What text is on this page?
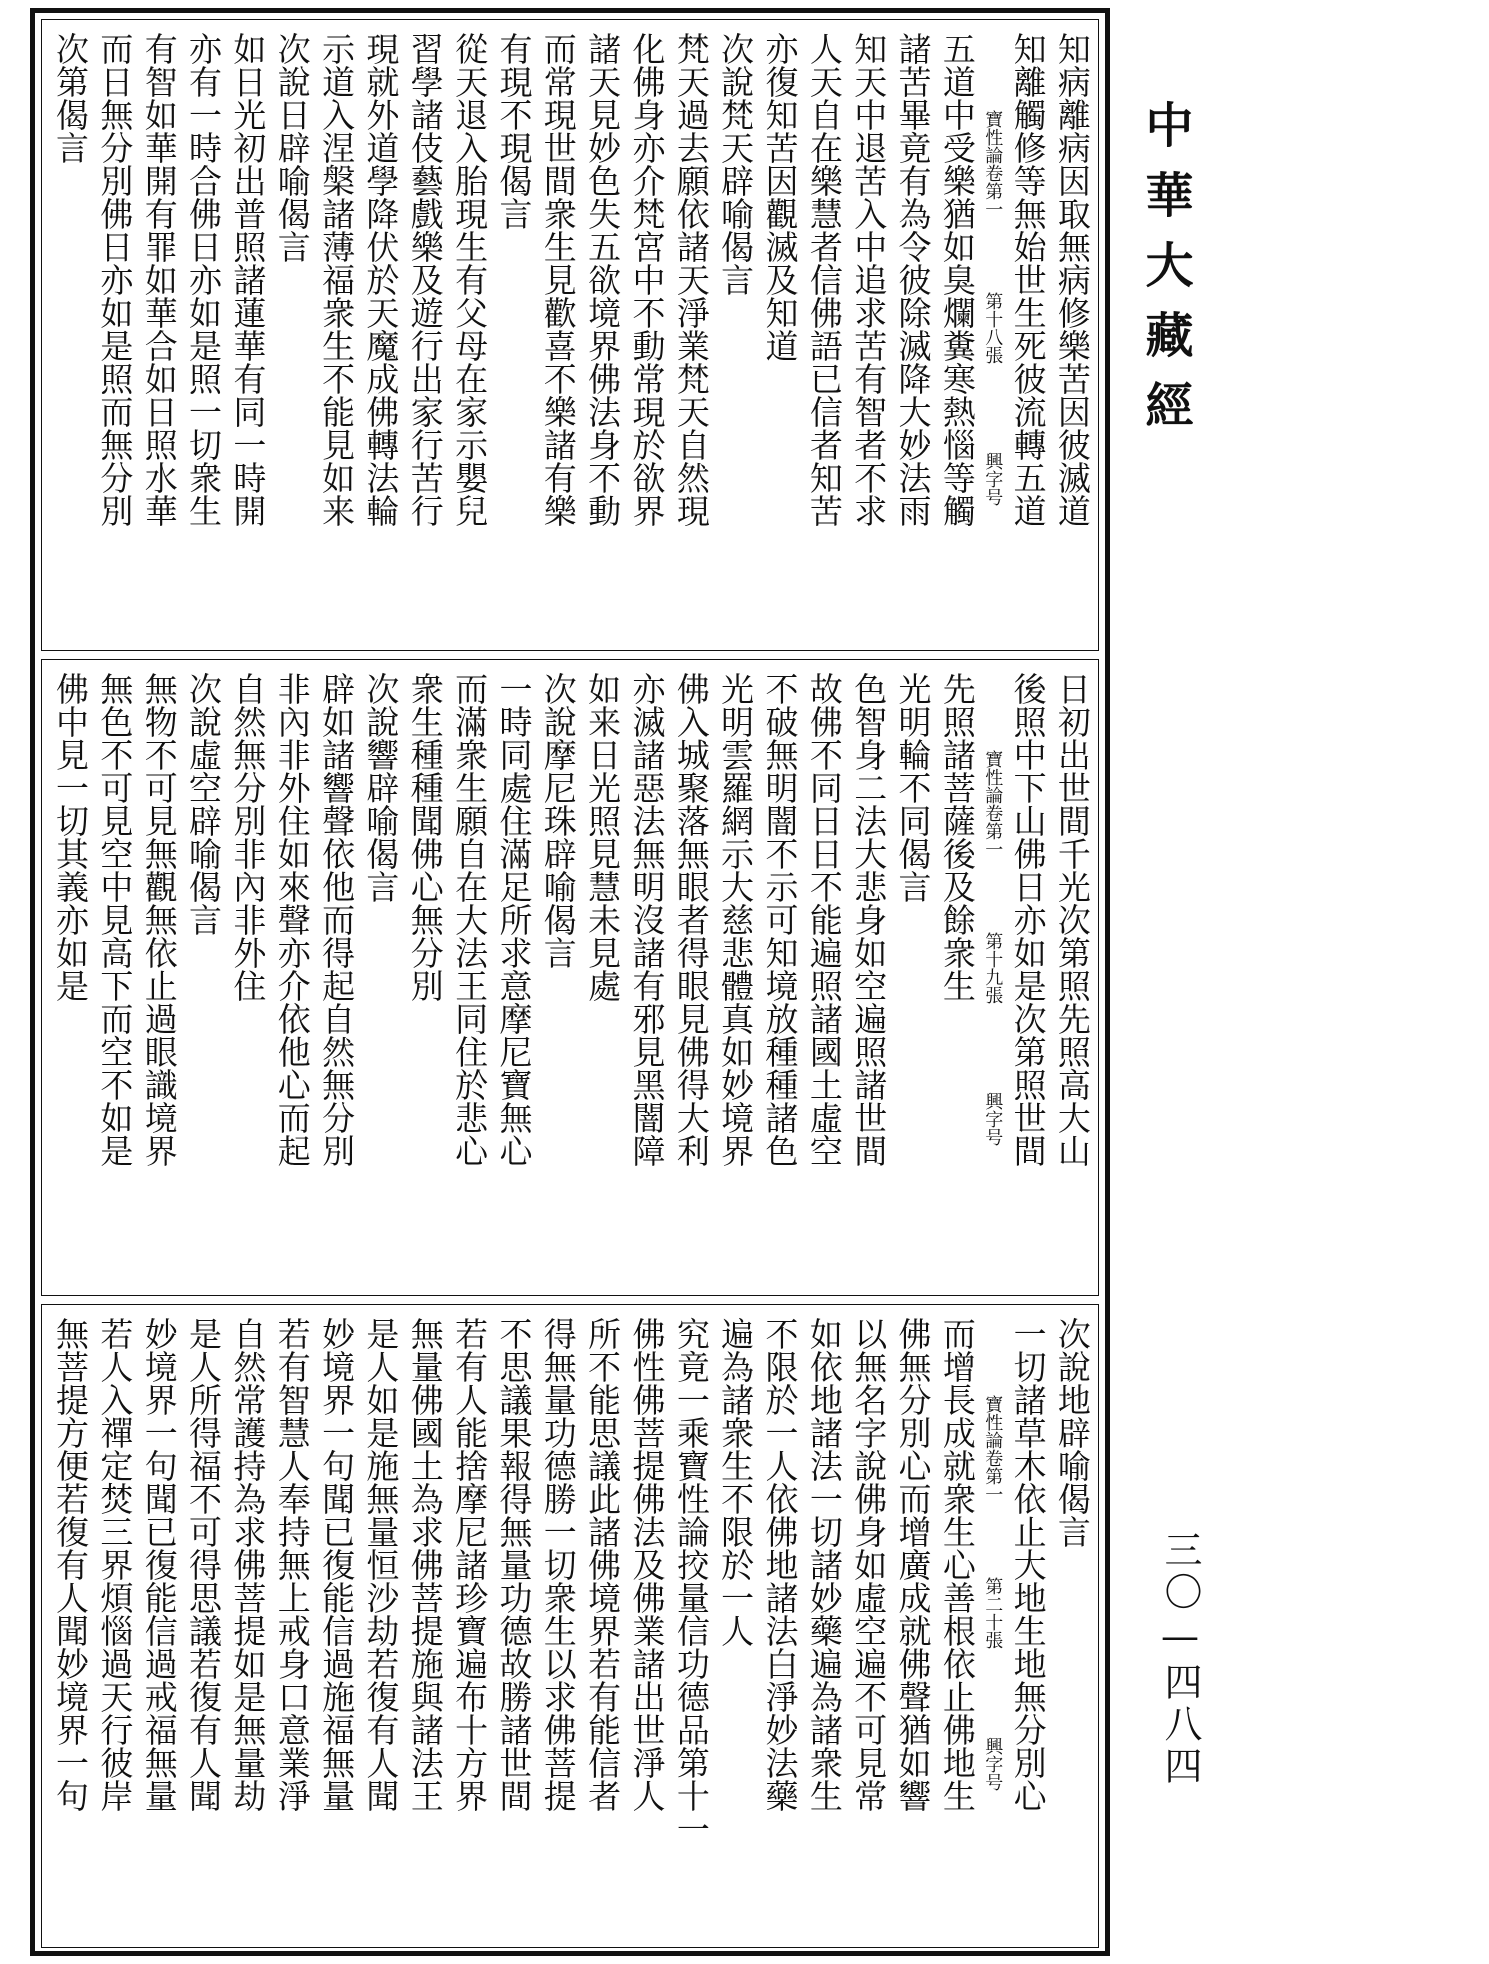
知病離病因取無病修樂苦因彼滅道
知離觸修等無始世生死彼流轉五道
寶性論卷第一
第十八張
興字号
五道中受樂猶如臭爛糞寒熱惱等觸
諸苦畢竟有為令彼除滅降大妙法雨
知天中退苦入中追求苦有智者不求
人天自在樂慧者信佛語已信者知苦
亦復知苦因觀滅及知道
次說梵天辟喻偈言
梵天過去願依諸天淨業梵天自然現
化佛身亦介梵宮中不動常現於欲界
諸天見妙色失五欲境界佛法身不動
而常現世間衆生見歡喜不樂諸有樂
有現不現偈言
從天退入胎現生有父母在家示嬰兒
習學諸伎藝戲樂及遊行出家行苦行
現就外道學降伏於天魔成佛轉法輪
示道入涅槃諸薄福衆生不能見如来
次說日辟喻偈言
如日光初出普照諸蓮華有同一時開
亦有一時合佛日亦如是照一切衆生
有智如華開有罪如華合如日照水華
而日無分別佛日亦如是照而無分別
次第偈言
日初出世間千光次第照先照高大山
後照中下山佛日亦如是次第照世間
寶性論卷第一
第十九張
興字号
先照諸菩薩後及餘衆生
光明輪不同偈言
色智身二法大悲身如空遍照諸世間
故佛不同日日不能遍照諸國土虛空
不破無明闇不示可知境放種種諸色
光明雲羅網示大慈悲體真如妙境界
佛入城聚落無眼者得眼見佛得大利
亦滅諸惡法無明沒諸有邪見黑闇障
如来日光照見慧未見處
次說摩尼珠辟喻偈言
一時同處住滿足所求意摩尼寶無心
而滿衆生願自在大法王同住於悲心
衆生種種聞佛心無分別
次說響辟喻偈言
辟如諸響聲依他而得起自然無分別
非內非外住如來聲亦介依他心而起
自然無分別非內非外住
次說虛空辟喻偈言
無物不可見無觀無依止過眼識境界
無色不可見空中見高下而空不如是
佛中見一切其義亦如是
次說地辟喻偈言
一切諸草木依止大地生地無分別心
寶性論卷第一
第二十張
興字号
而增長成就衆生心善根依止佛地生
佛無分別心而增廣成就佛聲猶如響
以無名字說佛身如虛空遍不可見常
如依地諸法一切諸妙藥遍為諸衆生
不限於一人依佛地諸法白淨妙法藥
遍為諸衆生不限於一人
究竟一乘寶性論挍量信功德品第十一
佛性佛菩提佛法及佛業諸出世淨人
所不能思議此諸佛境界若有能信者
得無量功德勝一切衆生以求佛菩提
不思議果報得無量功德故勝諸世間
若有人能捨摩尼諸珍寶遍布十方界
無量佛國土為求佛菩提施與諸法王
是人如是施無量恒沙劫若復有人聞
妙境界一句聞已復能信過施福無量
若有智慧人奉持無上戒身口意業淨
自然常護持為求佛菩提如是無量劫
是人所得福不可得思議若復有人聞
妙境界一句聞已復能信過戒福無量
若人入禪定焚三界煩惱過天行彼岸
無菩提方便若復有人聞妙境界一句
中華大藏經
三〇—四八四
